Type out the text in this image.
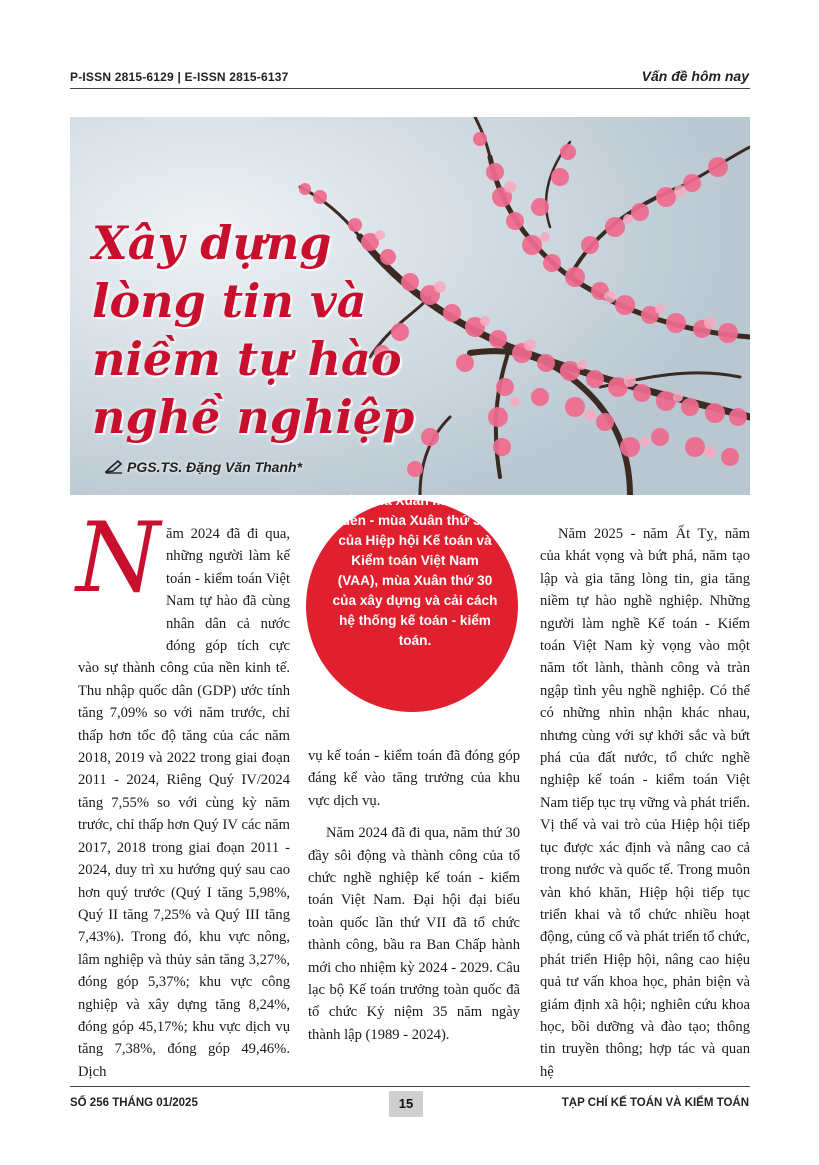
P-ISSN 2815-6129 | E-ISSN 2815-6137	Vấn đề hôm nay
Xây dựng
lòng tin và
niềm tự hào
nghề nghiệp
PGS.TS. Đặng Văn Thanh*
N ăm 2024 đã đi qua, những người làm kế toán - kiểm toán Việt Nam tự hào đã cùng nhân dân cả nước đóng góp tích cực vào sự thành công của nền kinh tế. Thu nhập quốc dân (GDP) ước tính tăng 7,09% so với năm trước, chỉ thấp hơn tốc độ tăng của các năm 2018, 2019 và 2022 trong giai đoạn 2011 - 2024, Riêng Quý IV/2024 tăng 7,55% so với cùng kỳ năm trước, chỉ thấp hơn Quý IV các năm 2017, 2018 trong giai đoạn 2011 - 2024, duy trì xu hướng quý sau cao hơn quý trước (Quý I tăng 5,98%, Quý II tăng 7,25% và Quý III tăng 7,43%). Trong đó, khu vực nông, lâm nghiệp và thủy sản tăng 3,27%, đóng góp 5,37%; khu vực công nghiệp và xây dựng tăng 8,24%, đóng góp 45,17%; khu vực dịch vụ tăng 7,38%, đóng góp 49,46%. Dịch

Một mùa Xuân mới đang đến - mùa Xuân thứ 31 của Hiệp hội Kế toán và Kiểm toán Việt Nam (VAA), mùa Xuân thứ 30 của xây dựng và cải cách hệ thống kế toán - kiểm toán.

vụ kế toán - kiểm toán đã đóng góp đáng kể vào tăng trưởng của khu vực dịch vụ.

Năm 2024 đã đi qua, năm thứ 30 đầy sôi động và thành công của tổ chức nghề nghiệp kế toán - kiểm toán Việt Nam. Đại hội đại biểu toàn quốc lần thứ VII đã tổ chức thành công, bầu ra Ban Chấp hành mới cho nhiệm kỳ 2024 - 2029. Câu lạc bộ Kế toán trưởng toàn quốc đã tổ chức Kỷ niệm 35 năm ngày thành lập (1989 - 2024).

Năm 2025 - năm Ất Tỵ, năm của khát vọng và bứt phá, năm tạo lập và gia tăng lòng tin, gia tăng niềm tự hào nghề nghiệp. Những người làm nghề Kế toán - Kiểm toán Việt Nam kỳ vọng vào một năm tốt lành, thành công và tràn ngập tình yêu nghề nghiệp. Có thể có những nhìn nhận khác nhau, nhưng cùng với sự khởi sắc và bứt phá của đất nước, tổ chức nghề nghiệp kế toán - kiểm toán Việt Nam tiếp tục trụ vững và phát triển. Vị thế và vai trò của Hiệp hội tiếp tục được xác định và nâng cao cả trong nước và quốc tế. Trong muôn vàn khó khăn, Hiệp hội tiếp tục triển khai và tổ chức nhiều hoạt động, củng cố và phát triển tổ chức, phát triển Hiệp hội, nâng cao hiệu quả tư vấn khoa học, phản biện và giám định xã hội; nghiên cứu khoa học, bồi dưỡng và đào tạo; thông tin truyền thông; hợp tác và quan hệ

SỐ 256 THÁNG 01/2025	15	TẠP CHÍ KẾ TOÁN VÀ KIỂM TOÁN
